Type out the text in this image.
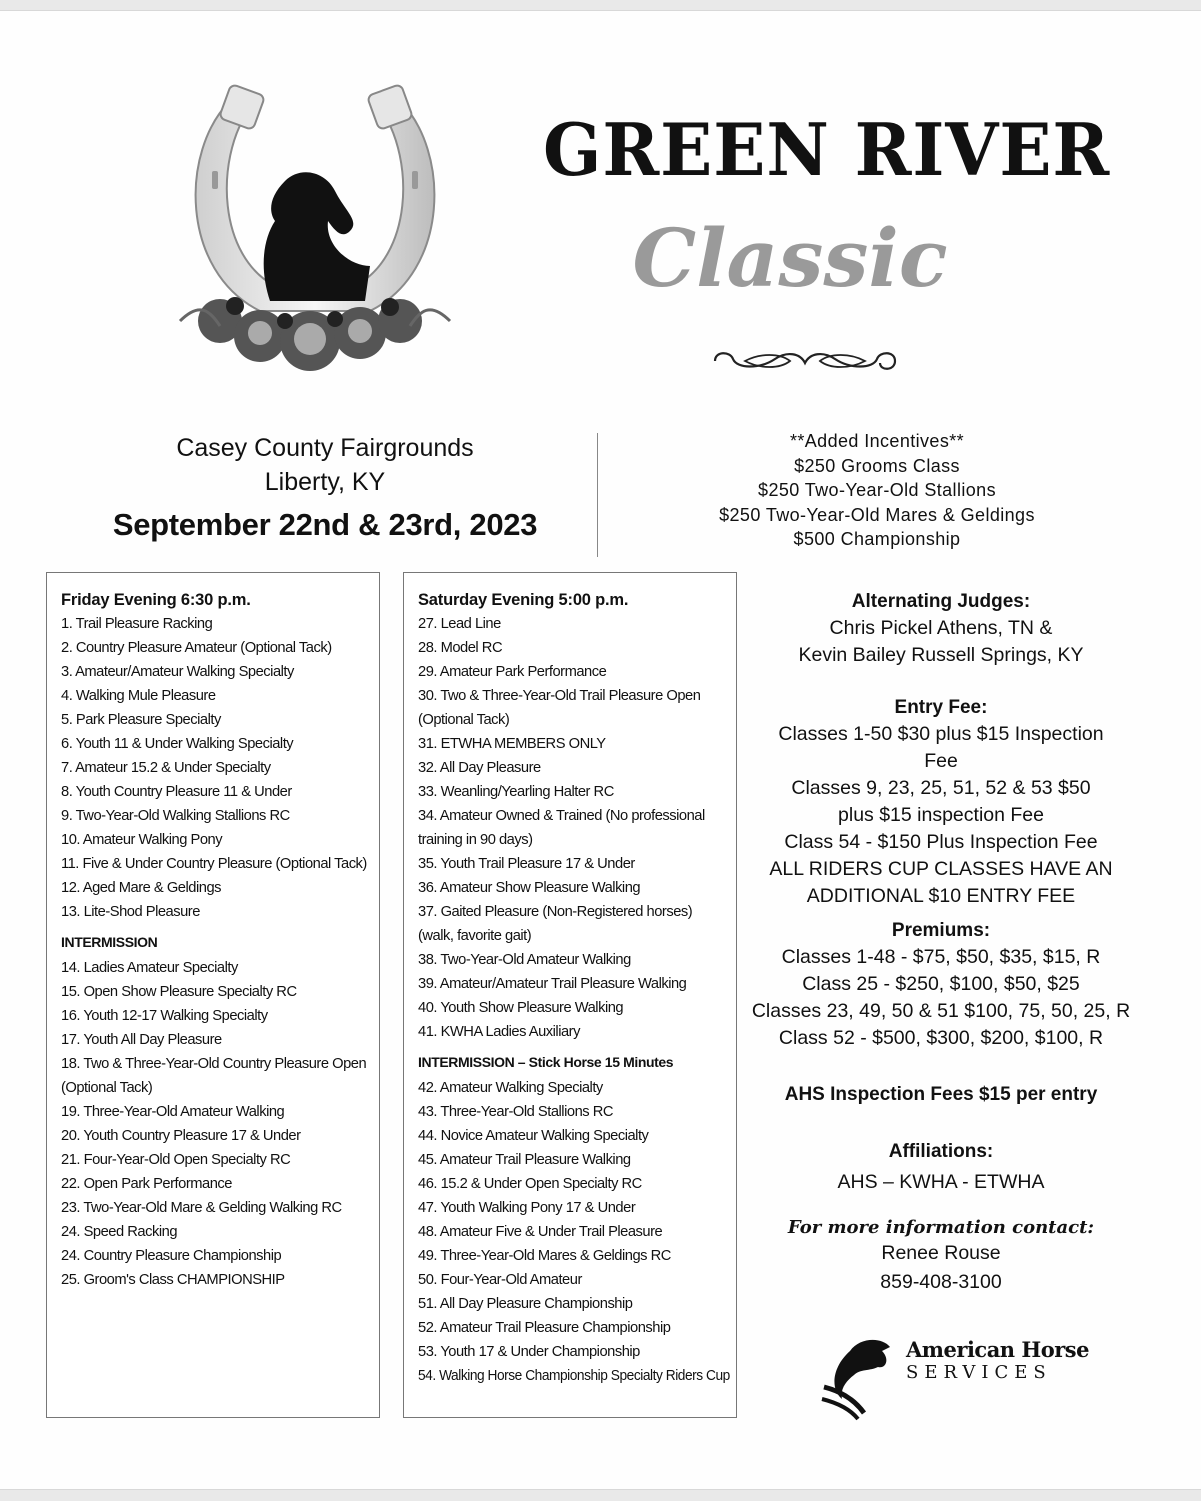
GREEN RIVER
Classic
Casey County Fairgrounds
Liberty, KY
September 22nd & 23rd, 2023
**Added Incentives**
$250 Grooms Class
$250 Two-Year-Old Stallions
$250 Two-Year-Old Mares & Geldings
$500 Championship
Friday Evening 6:30 p.m.
1. Trail Pleasure Racking
2. Country Pleasure Amateur (Optional Tack)
3. Amateur/Amateur Walking Specialty
4. Walking Mule Pleasure
5. Park Pleasure Specialty
6. Youth 11 & Under Walking Specialty
7. Amateur 15.2 & Under Specialty
8. Youth Country Pleasure 11 & Under
9. Two-Year-Old Walking Stallions RC
10. Amateur Walking Pony
11. Five & Under Country Pleasure (Optional Tack)
12. Aged Mare & Geldings
13. Lite-Shod Pleasure
INTERMISSION
14. Ladies Amateur Specialty
15. Open Show Pleasure Specialty RC
16. Youth 12-17 Walking Specialty
17. Youth All Day Pleasure
18. Two & Three-Year-Old Country Pleasure Open
(Optional Tack)
19. Three-Year-Old Amateur Walking
20. Youth Country Pleasure 17 & Under
21. Four-Year-Old Open Specialty RC
22. Open Park Performance
23. Two-Year-Old Mare & Gelding Walking RC
24. Speed Racking
24. Country Pleasure Championship
25. Groom's Class CHAMPIONSHIP
Saturday Evening 5:00 p.m.
27. Lead Line
28. Model RC
29. Amateur Park Performance
30. Two & Three-Year-Old Trail Pleasure Open
(Optional Tack)
31. ETWHA MEMBERS ONLY
32. All Day Pleasure
33. Weanling/Yearling Halter RC
34. Amateur Owned & Trained (No professional
training in 90 days)
35. Youth Trail Pleasure 17 & Under
36. Amateur Show Pleasure Walking
37. Gaited Pleasure (Non-Registered horses)
(walk, favorite gait)
38. Two-Year-Old Amateur Walking
39. Amateur/Amateur Trail Pleasure Walking
40. Youth Show Pleasure Walking
41. KWHA Ladies Auxiliary
INTERMISSION – Stick Horse 15 Minutes
42. Amateur Walking Specialty
43. Three-Year-Old Stallions RC
44. Novice Amateur Walking Specialty
45. Amateur Trail Pleasure Walking
46. 15.2 & Under Open Specialty RC
47. Youth Walking Pony 17 & Under
48. Amateur Five & Under Trail Pleasure
49. Three-Year-Old Mares & Geldings RC
50. Four-Year-Old Amateur
51. All Day Pleasure Championship
52. Amateur Trail Pleasure Championship
53. Youth 17 & Under Championship
54. Walking Horse Championship Specialty Riders Cup
Alternating Judges:
Chris Pickel Athens, TN &
Kevin Bailey Russell Springs, KY
Entry Fee:
Classes 1-50 $30 plus $15 Inspection Fee
Classes 9, 23, 25, 51, 52 & 53 $50
plus $15 inspection Fee
Class 54 - $150 Plus Inspection Fee
ALL RIDERS CUP CLASSES HAVE AN
ADDITIONAL $10 ENTRY FEE
Premiums:
Classes 1-48 - $75, $50, $35, $15, R
Class 25 - $250, $100, $50, $25
Classes 23, 49, 50 & 51 $100, 75, 50, 25, R
Class 52 - $500, $300, $200, $100, R
AHS Inspection Fees $15 per entry
Affiliations:
AHS – KWHA - ETWHA
For more information contact:
Renee Rouse
859-408-3100
American Horse
SERVICES
